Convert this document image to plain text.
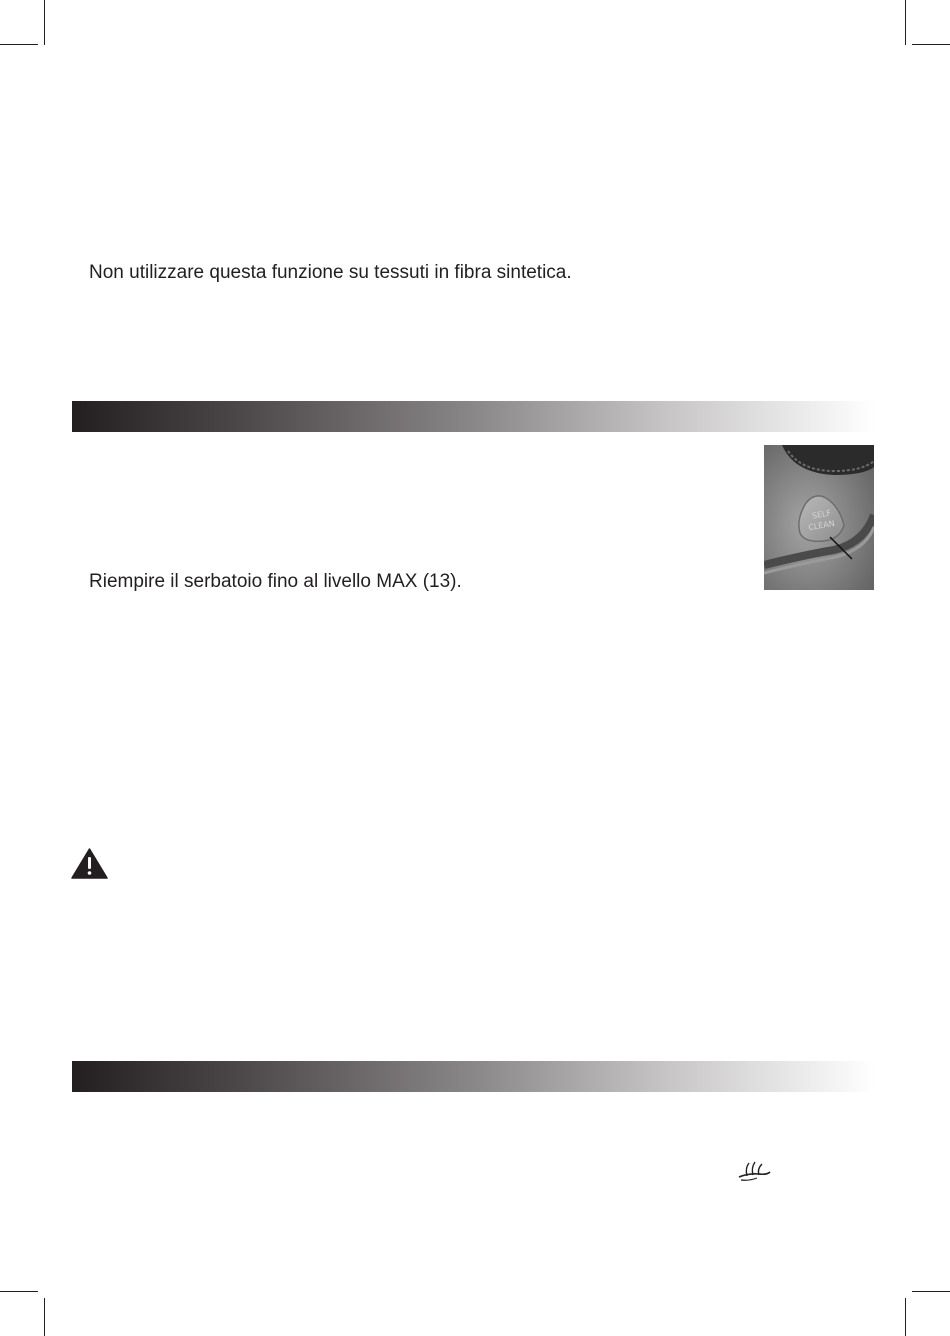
Non utilizzare questa funzione su tessuti in fibra sintetica.
Riempire il serbatoio fino al livello MAX (13).
SELF
CLEAN
